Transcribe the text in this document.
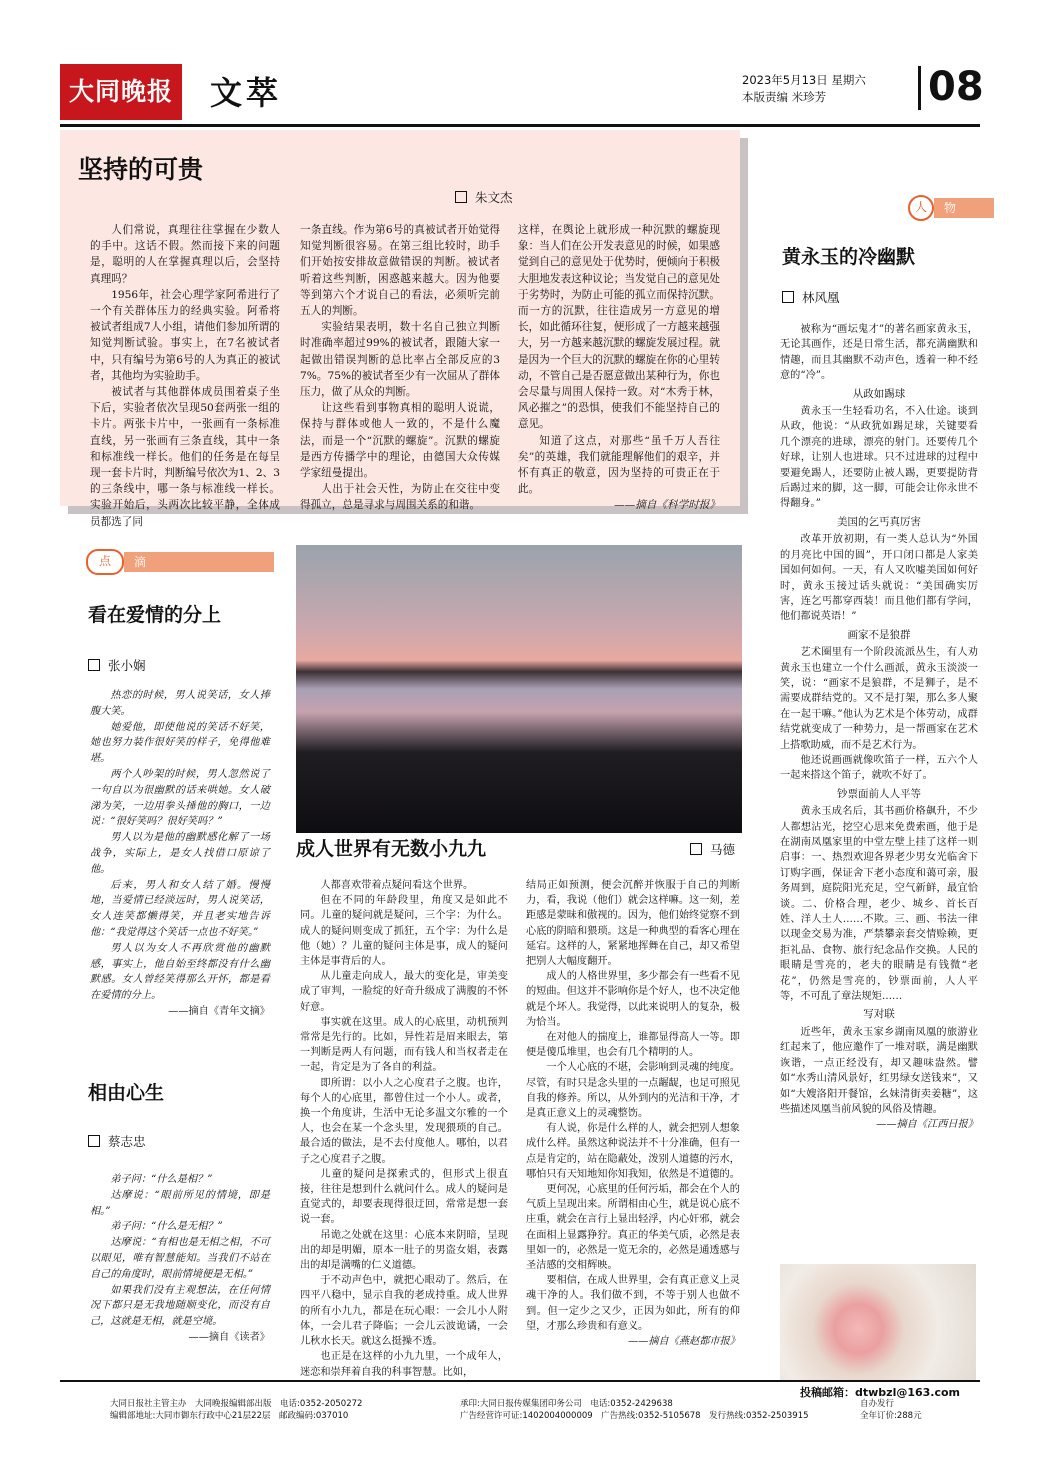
大同晚报 文萃	2023年5月13日 星期六
本版责编 米珍芳	08
坚持的可贵
朱文杰

人们常说，真理往往掌握在少数人的手中。这话不假。然而接下来的问题是，聪明的人在掌握真理以后，会坚持真理吗？

1956年，社会心理学家阿希进行了一个有关群体压力的经典实验。阿希将被试者组成7人小组，请他们参加所谓的知觉判断试验。事实上，在7名被试者中，只有编号为第6号的人为真正的被试者，其他均为实验助手。

被试者与其他群体成员围着桌子坐下后，实验者依次呈现50套两张一组的卡片。两张卡片中，一张画有一条标准直线，另一张画有三条直线，其中一条和标准线一样长。他们的任务是在每呈现一套卡片时，判断编号依次为1、2、3的三条线中，哪一条与标准线一样长。实验开始后，头两次比较平静，全体成员都选了同

一条直线。作为第6号的真被试者开始觉得知觉判断很容易。在第三组比较时，助手们开始按安排故意做错误的判断。被试者听着这些判断，困惑越来越大。因为他要等到第六个才说自己的看法，必须听完前五人的判断。

实验结果表明，数十名自己独立判断时准确率超过99%的被试者，跟随大家一起做出错误判断的总比率占全部反应的37%。75%的被试者至少有一次屈从了群体压力，做了从众的判断。

让这些看到事物真相的聪明人说谎，保持与群体或他人一致的，不是什么魔法，而是一个“沉默的螺旋”。沉默的螺旋是西方传播学中的理论，由德国大众传媒学家纽曼提出。

人出于社会天性，为防止在交往中变得孤立，总是寻求与周围关系的和谐。

这样，在舆论上就形成一种沉默的螺旋现象：当人们在公开发表意见的时候，如果感觉到自己的意见处于优势时，便倾向于积极大胆地发表这种议论；当发觉自己的意见处于劣势时，为防止可能的孤立而保持沉默。而一方的沉默，往往造成另一方意见的增长，如此循环往复，便形成了一方越来越强大，另一方越来越沉默的螺旋发展过程。就是因为一个巨大的沉默的螺旋在你的心里转动，不管自己是否愿意做出某种行为，你也会尽量与周围人保持一致。对“木秀于林，风必摧之”的恐惧，使我们不能坚持自己的意见。

知道了这点，对那些“虽千万人吾往矣”的英雄，我们就能理解他们的艰辛，并怀有真正的敬意，因为坚持的可贵正在于此。

——摘自《科学时报》

人	物
黄永玉的冷幽默
林风凰

被称为“画坛鬼才”的著名画家黄永玉，无论其画作，还是日常生活，都充满幽默和情趣，而且其幽默不动声色，透着一种不经意的“冷”。

从政如踢球

黄永玉一生轻看功名，不入仕途。谈到从政，他说：“从政犹如踢足球，关键要看几个漂亮的进球，漂亮的射门。还要传几个好球，让别人也进球。只不过进球的过程中要避免踢人，还要防止被人踢，更要提防背后踢过来的脚，这一脚，可能会让你永世不得翻身。”

美国的乞丐真厉害

改革开放初期，有一类人总认为“外国的月亮比中国的圆”，开口闭口都是人家美国如何如何。一天，有人又吹嘘美国如何好时，黄永玉接过话头就说：“美国确实厉害，连乞丐都穿西装！而且他们都有学问，他们都说英语！”

画家不是狼群

艺术圈里有一个阶段流派丛生，有人劝黄永玉也建立一个什么画派，黄永玉淡淡一笑，说：“画家不是狼群，不是狮子，是不需要成群结党的。又不是打架，那么多人聚在一起干嘛。”他认为艺术是个体劳动，成群结党就变成了一种势力，是一帮画家在艺术上搭歌助威，而不是艺术行为。

他还说画画就像吹笛子一样，五六个人一起来搭这个笛子，就吹不好了。

钞票面前人人平等

黄永玉成名后，其书画价格飙升，不少人都想沾光，挖空心思来免费索画，他于是在湖南凤凰家里的中堂左壁上挂了这样一则启事：一、热烈欢迎各界老少男女光临舍下订购字画，保证舍下老小态度和蔼可亲，服务周到，庭院阳光充足，空气新鲜，最宜恰谈。二、价格合理，老少、城乡、首长百姓、洋人土人……不欺。三、画、书法一律以现金交易为准，严禁攀亲套交情赊赖，更拒礼品、食物、旅行纪念品作交换。人民的眼睛是雪亮的，老夫的眼睛是有钱微“老花”，仍然是雪亮的，钞票面前，人人平等，不可乱了章法规矩……

写对联

近些年，黄永玉家乡湖南凤凰的旅游业红起来了，他应邀作了一堆对联，满是幽默诙谐，一点正经没有，却又趣味盎然。譬如“水秀山清风景好，红男绿女送钱来”，又如“大嫂洛阳开餐馆，幺妹清街卖姜糖”，这些描述凤凰当前风貌的风俗及情趣。

——摘自《江西日报》

点	滴
看在爱情的分上
张小娴

热恋的时候，男人说笑话，女人捧腹大笑。

她爱他，即使他说的笑话不好笑，她也努力装作很好笑的样子，免得他难堪。

两个人吵架的时候，男人忽然说了一句自以为很幽默的话来哄她。女人破涕为笑，一边用拳头捶他的胸口，一边说：“很好笑吗？很好笑吗？”

男人以为是他的幽默感化解了一场战争，实际上，是女人找借口原谅了他。

后来，男人和女人结了婚。慢慢地，当爱情已经淡远时，男人说笑话，女人连笑都懒得笑，并且老实地告诉他：“我觉得这个笑话一点也不好笑。”

男人以为女人不再欣赏他的幽默感，事实上，他自始至终都没有什么幽默感。女人曾经笑得那么开怀，都是看在爱情的分上。

——摘自《青年文摘》

相由心生
蔡志忠

弟子问：“什么是相？”

达摩说：“眼前所见的情境，即是相。”

弟子问：“什么是无相？”

达摩说：“有相也是无相之相，不可以眼见，唯有智慧能知。当我们不站在自己的角度时，眼前情境便是无相。”

如果我们没有主观想法，在任何情况下都只是无我地随顺变化，而没有自己，这就是无相，就是空境。

——摘自《读者》

成人世界有无数小九九	马德

人都喜欢带着点疑问看这个世界。

但在不同的年龄段里，角度又是如此不同。儿童的疑问就是疑问，三个字：为什么。成人的疑问则变成了抓狂，五个字：为什么是他（她）？儿童的疑问主体是事，成人的疑问主体是事背后的人。

从儿童走向成人，最大的变化是，审美变成了审判，一脸绽的好奇升级成了满腹的不怀好意。

事实就在这里。成人的心底里，动机预判常常是先行的。比如，异性若是眉来眼去，第一判断是两人有问题，而有钱人和当权者走在一起，肯定是为了各自的利益。

即所谓：以小人之心度君子之腹。也许，每个人的心底里，都曾住过一个小人。或者，换一个角度讲，生活中无论多温文尔雅的一个人，也会在某一个念头里，发现猥琐的自己。最合适的做法，是不去付度他人。哪怕，以君子之心度君子之腹。

儿童的疑问是探索式的，但形式上很直接，往往是想到什么就问什么。成人的疑问是直觉式的，却要表现得很迂回，常常是想一套说一套。

吊诡之处就在这里：心底本来阴暗，呈现出的却是明媚，原本一肚子的男盗女娼，表露出的却是满嘴的仁义道德。

于不动声色中，就把心眼动了。然后，在四平八稳中，显示自我的老成持重。成人世界的所有小九九，都是在玩心眼：一会儿小人附体，一会儿君子降临；一会儿云波诡谲，一会儿秋水长天。就这么挺操不透。

也正是在这样的小九九里，一个成年人，迷恋和崇拜着自我的科事智慧。比如，

结局正如预测，便会沉醉并恢服于自己的判断力，看，我说（他们）就会这样嘛。这一刻，差距感是蒙昧和傲视的。因为，他们始终觉察不到心底的阴暗和猥琐。这是一种典型的看客心理在延宕。这样的人，紧紧地挥舞在自己，却又希望把别人大幅度翻开。

成人的人格世界里，多少都会有一些看不见的短曲。但这并不影响你是个好人，也不决定他就是个坏人。我觉得，以此来说明人的复杂，极为恰当。

在对他人的揣度上，谁都显得高人一等。即便是傻瓜堆里，也会有几个精明的人。

一个人心底的不堪，会影响到灵魂的纯度。尽管，有时只是念头里的一点龌龊，也足可照见自我的修养。所以，从外到内的光洁和干净，才是真正意义上的灵魂整饬。

有人说，你是什么样的人，就会把别人想象成什么样。虽然这种说法并不十分准确，但有一点是肯定的，站在隐蔽处，泼别人道德的污水，哪怕只有天知地知你知我知，依然是不道德的。

更何况，心底里的任何污垢，都会在个人的气质上呈现出来。所谓相由心生，就是说心底不庄重，就会在言行上显出轻浮，内心奸邪，就会在面相上显露狰狞。真正的华美气质，必然是表里如一的，必然是一览无余的，必然是通透感与圣洁感的交相辉映。

要相信，在成人世界里，会有真正意义上灵魂干净的人。我们做不到，不等于别人也做不到。但一定少之又少，正因为如此，所有的仰望，才那么珍贵和有意义。

——摘自《燕赵都市报》

投稿邮箱：dtwbzl@163.com
大同日报社主管主办　大同晚报编辑部出版　电话:0352-2050272
编辑部地址:大同市御东行政中心21层22层　邮政编码:037010
承印:大同日报传媒集团印务公司　电话:0352-2429638
广告经营许可证:1402004000009　广告热线:0352-5105678　发行热线:0352-2503915
自办发行
全年订价:288元
